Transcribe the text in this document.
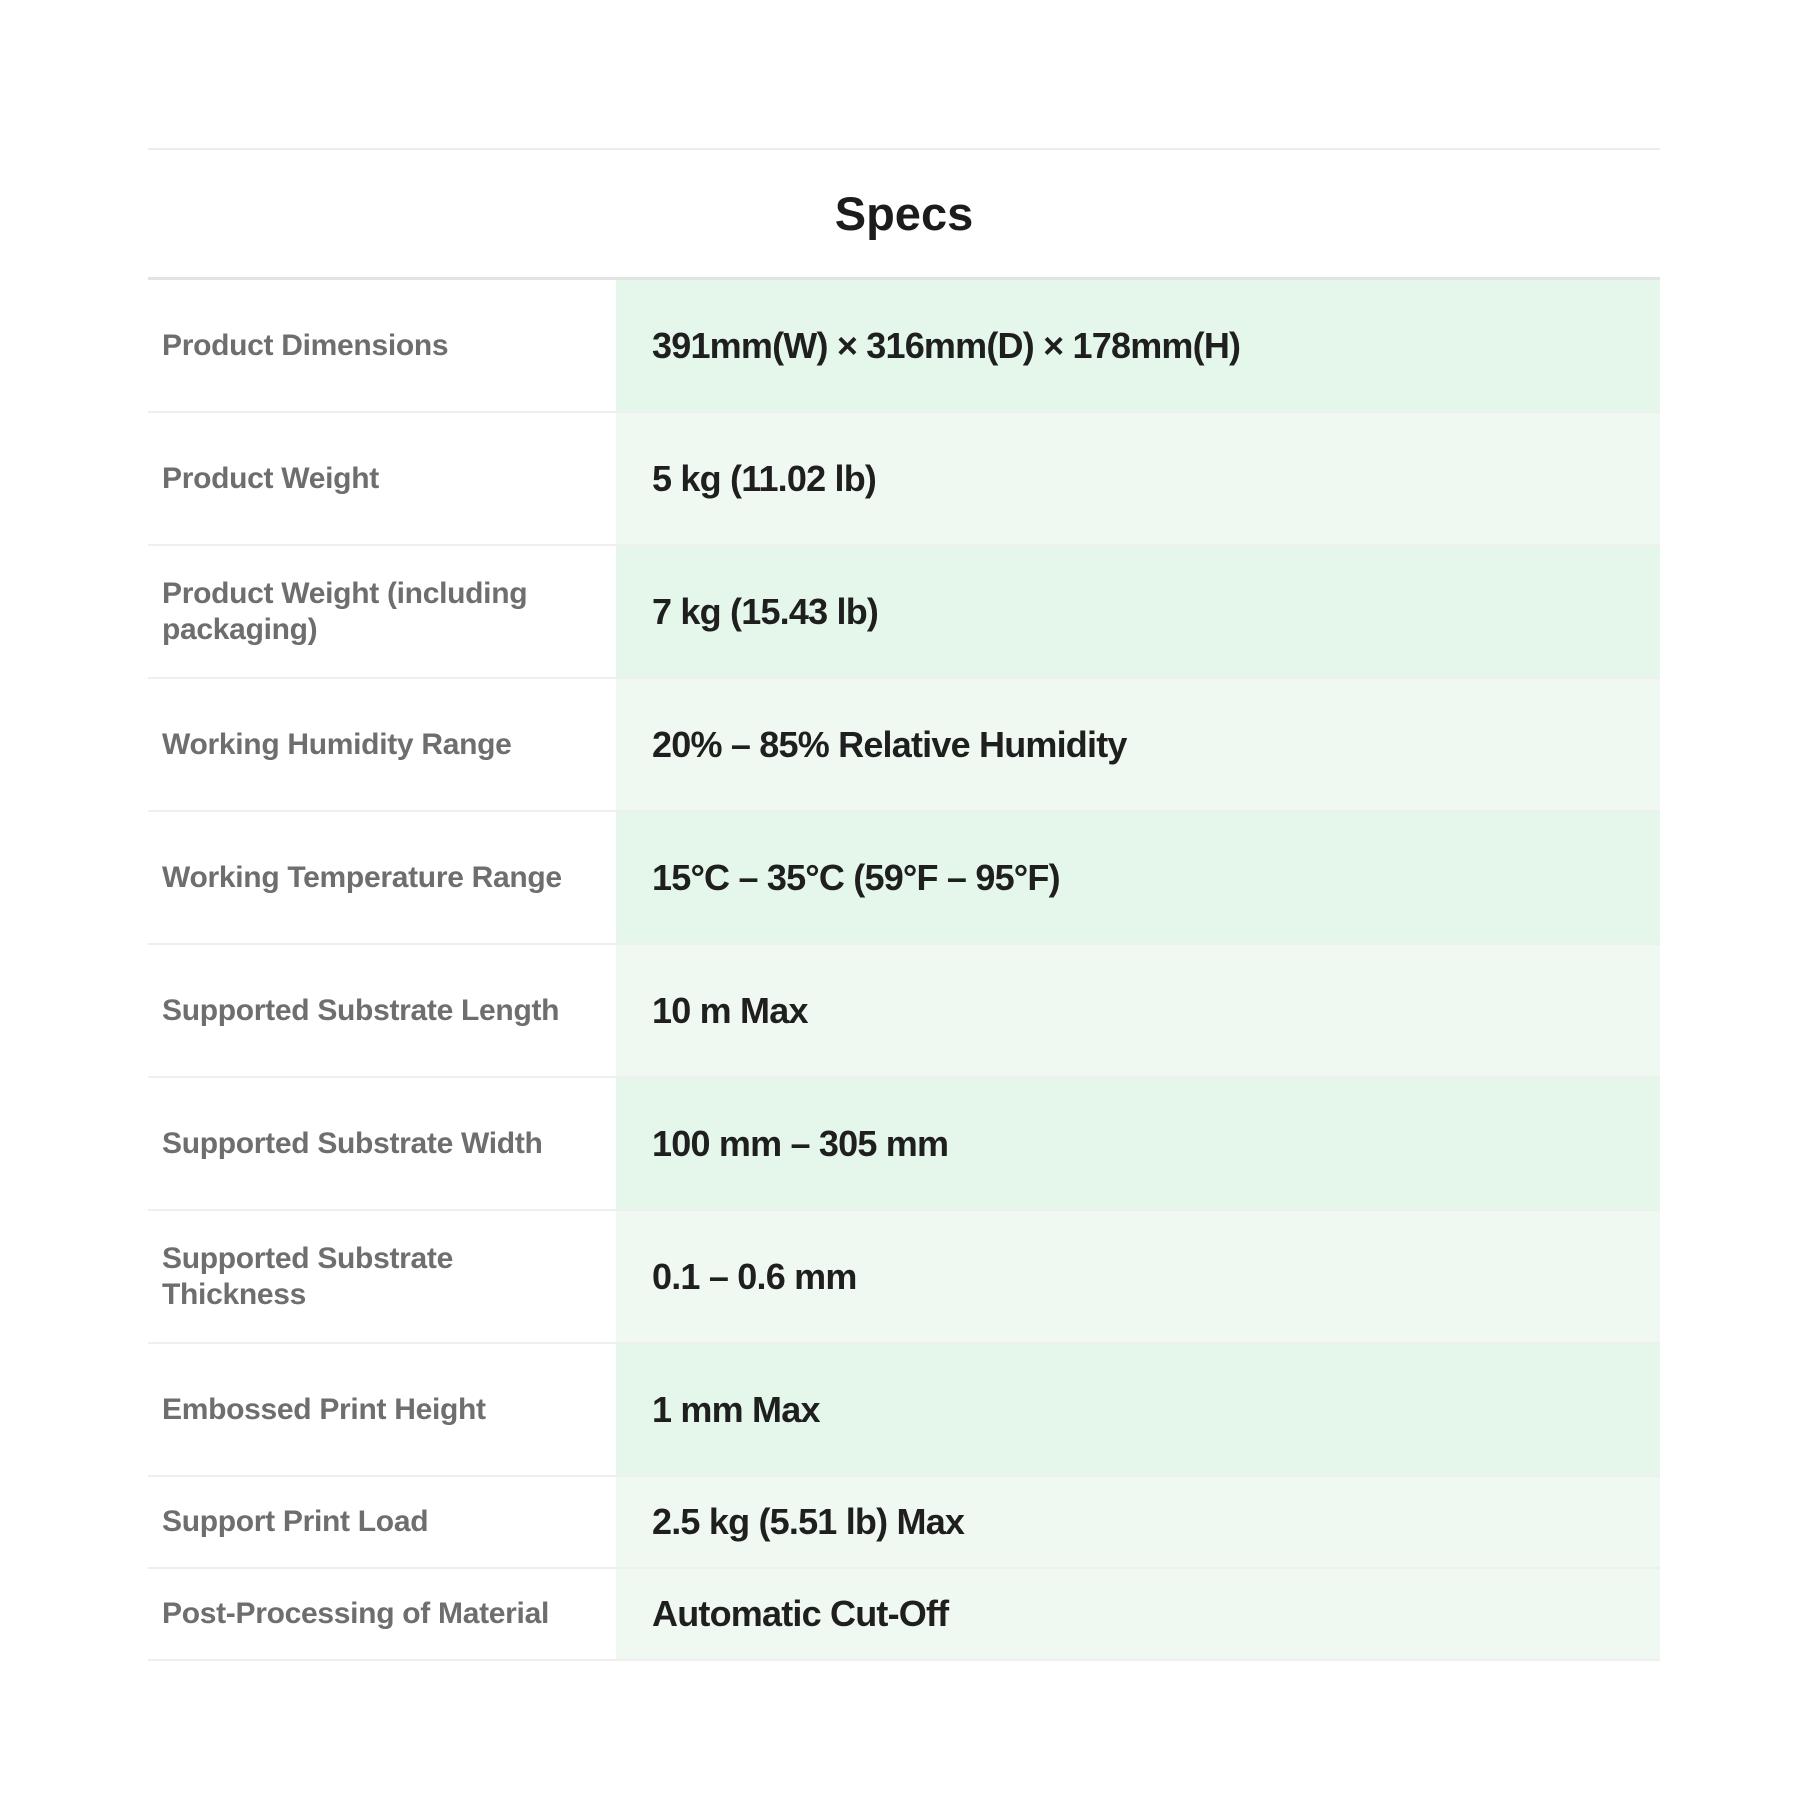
Specs
Product Dimensions	391mm(W) × 316mm(D) × 178mm(H)
Product Weight	5 kg (11.02 lb)
Product Weight (including packaging)	7 kg (15.43 lb)
Working Humidity Range	20% – 85% Relative Humidity
Working Temperature Range	15°C – 35°C (59°F – 95°F)
Supported Substrate Length	10 m Max
Supported Substrate Width	100 mm – 305 mm
Supported Substrate Thickness	0.1 – 0.6 mm
Embossed Print Height	1 mm Max
Support Print Load	2.5 kg (5.51 lb) Max
Post-Processing of Material	Automatic Cut-Off
